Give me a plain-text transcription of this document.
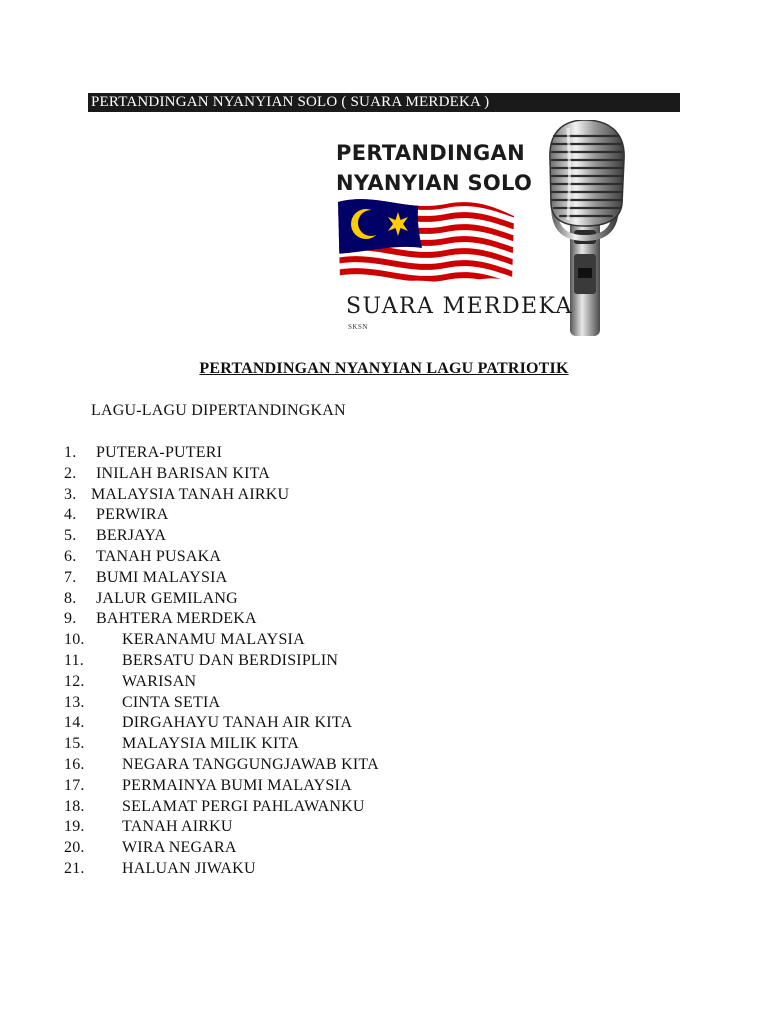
PERTANDINGAN NYANYIAN SOLO ( SUARA MERDEKA )
PERTANDINGAN
NYANYIAN SOLO
SUARA MERDEKA
SKSN
PERTANDINGAN NYANYIAN LAGU PATRIOTIK
LAGU-LAGU DIPERTANDINGKAN
1. PUTERA-PUTERI
2. INILAH BARISAN KITA
3. MALAYSIA TANAH AIRKU
4. PERWIRA
5. BERJAYA
6. TANAH PUSAKA
7. BUMI MALAYSIA
8. JALUR GEMILANG
9. BAHTERA MERDEKA
10. KERANAMU MALAYSIA
11. BERSATU DAN BERDISIPLIN
12. WARISAN
13. CINTA SETIA
14. DIRGAHAYU TANAH AIR KITA
15. MALAYSIA MILIK KITA
16. NEGARA TANGGUNGJAWAB KITA
17. PERMAINYA BUMI MALAYSIA
18. SELAMAT PERGI PAHLAWANKU
19. TANAH AIRKU
20. WIRA NEGARA
21. HALUAN JIWAKU
